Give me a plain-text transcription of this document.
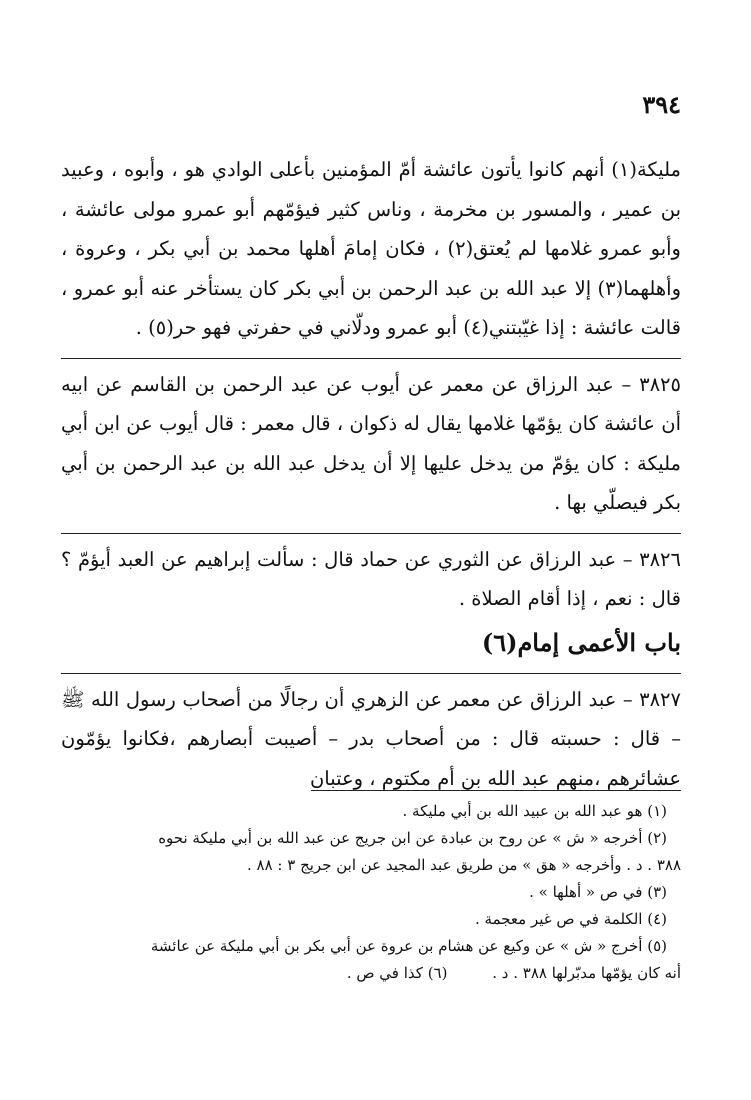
٣٩٤

مليكة(١) أنهم كانوا يأتون عائشة أمّ المؤمنين بأعلى الوادي هو ، وأبوه ، وعبيد بن عمير ، والمسور بن مخرمة ، وناس كثير فيؤمّهم أبو عمرو مولى عائشة ، وأبو عمرو غلامها لم يُعتق(٢) ، فكان إمامَ أهلها محمد بن أبي بكر ، وعروة ، وأهلهما(٣) إلا عبد الله بن عبد الرحمن بن أبي بكر كان يستأخر عنه أبو عمرو ، قالت عائشة : إذا غيّبتني(٤) أبو عمرو ودلّاني في حفرتي فهو حر(٥) .

٣٨٢٥ – عبد الرزاق عن معمر عن أيوب عن عبد الرحمن بن القاسم عن ابيه أن عائشة كان يؤمّها غلامها يقال له ذكوان ، قال معمر : قال أيوب عن ابن أبي مليكة : كان يؤمّ من يدخل عليها إلا أن يدخل عبد الله بن عبد الرحمن بن أبي بكر فيصلّي بها .

٣٨٢٦ – عبد الرزاق عن الثوري عن حماد قال : سألت إبراهيم عن العبد أيؤمّ ؟ قال : نعم ، إذا أقام الصلاة .

باب الأعمى إمام(٦)

٣٨٢٧ – عبد الرزاق عن معمر عن الزهري أن رجالًا من أصحاب رسول الله ﷺ – قال : حسبته قال : من أصحاب بدر – أصيبت أبصارهم ،فكانوا يؤمّون عشائرهم ،منهم عبد الله بن أم مكتوم ، وعتبان

(١) هو عبد الله بن عبيد الله بن أبي مليكة .
(٢) أخرجه « ش » عن روح بن عبادة عن ابن جريج عن عبد الله بن أبي مليكة نحوه
٣٨٨ . د . وأخرجه « هق » من طريق عبد المجيد عن ابن جريج ٣ : ٨٨ .
(٣) في ص « أهلها » .
(٤) الكلمة في ص غير معجمة .
(٥) أخرج « ش » عن وكيع عن هشام بن عروة عن أبي بكر بن أبي مليكة عن عائشة
أنه كان يؤمّها مدبّرلها ٣٨٨ . د . (٦) كذا في ص .
